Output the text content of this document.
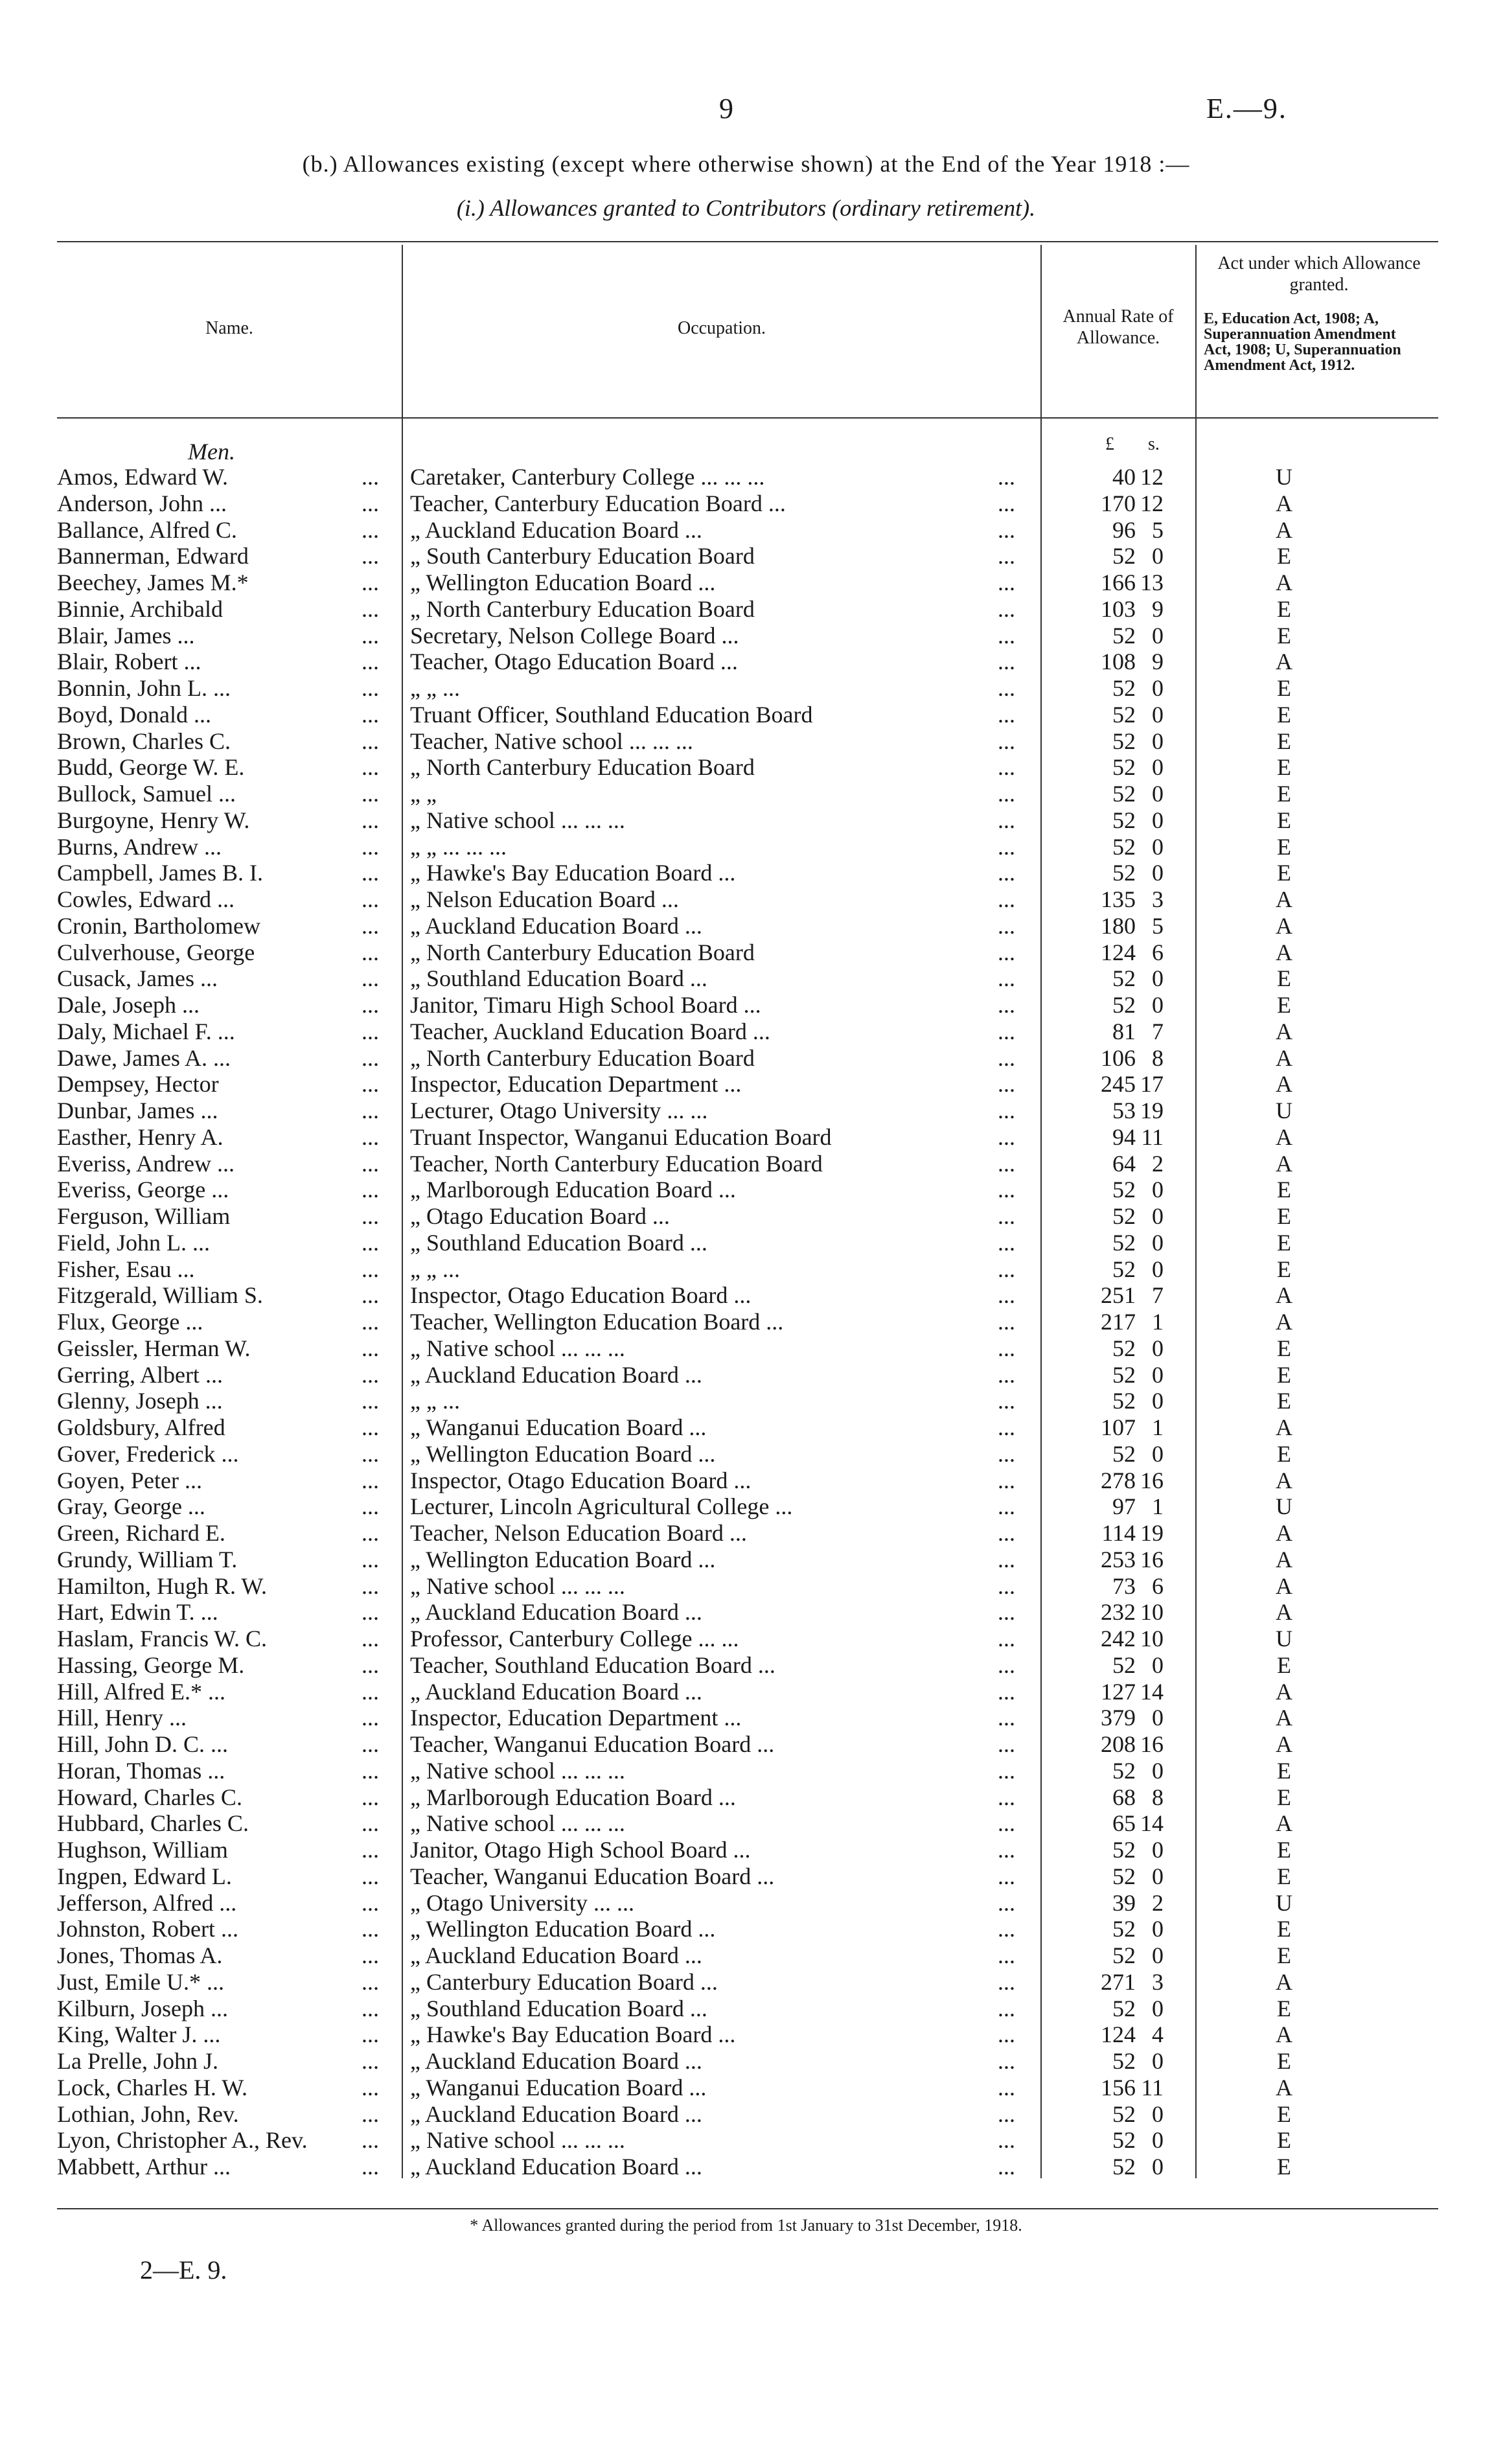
9	E.—9.
(b.) Allowances existing (except where otherwise shown) at the End of the Year 1918 :—
(i.) Allowances granted to Contributors (ordinary retirement).
Name.	Occupation.
Annual Rate of Allowance.
Act under which Allowance granted.
E, Education Act, 1908; A, Superannuation Amendment Act, 1908; U, Superannuation Amendment Act, 1912.
Men.	£ s.
Amos, Edward W.	... Caretaker, Canterbury College ... ... ...	...	40 12	U
Anderson, John ...	... Teacher, Canterbury Education Board ...	...	170 12	A
Ballance, Alfred C.	... „ Auckland Education Board ...	...	96 5	A
Bannerman, Edward	... „ South Canterbury Education Board	...	52 0	E
Beechey, James M.*	... „ Wellington Education Board ...	...	166 13	A
Binnie, Archibald	... „ North Canterbury Education Board	...	103 9	E
Blair, James ...	... Secretary, Nelson College Board ...	...	52 0	E
Blair, Robert ...	... Teacher, Otago Education Board ...	...	108 9	A
Bonnin, John L. ...	... „ „ ...	...	52 0	E
Boyd, Donald ...	... Truant Officer, Southland Education Board	...	52 0	E
Brown, Charles C.	... Teacher, Native school ... ... ...	...	52 0	E
Budd, George W. E.	... „ North Canterbury Education Board	...	52 0	E
Bullock, Samuel ...	... „ „	...	52 0	E
Burgoyne, Henry W.	... „ Native school ... ... ...	...	52 0	E
Burns, Andrew ...	... „ „ ... ... ...	...	52 0	E
Campbell, James B. I.	... „ Hawke's Bay Education Board ...	...	52 0	E
Cowles, Edward ...	... „ Nelson Education Board ...	...	135 3	A
Cronin, Bartholomew	... „ Auckland Education Board ...	...	180 5	A
Culverhouse, George	... „ North Canterbury Education Board	...	124 6	A
Cusack, James ...	... „ Southland Education Board ...	...	52 0	E
Dale, Joseph ...	... Janitor, Timaru High School Board ...	...	52 0	E
Daly, Michael F. ...	... Teacher, Auckland Education Board ...	...	81 7	A
Dawe, James A. ...	... „ North Canterbury Education Board	...	106 8	A
Dempsey, Hector	... Inspector, Education Department ...	...	245 17	A
Dunbar, James ...	... Lecturer, Otago University ... ...	...	53 19	U
Easther, Henry A.	... Truant Inspector, Wanganui Education Board	...	94 11	A
Everiss, Andrew ...	... Teacher, North Canterbury Education Board	...	64 2	A
Everiss, George ...	... „ Marlborough Education Board ...	...	52 0	E
Ferguson, William	... „ Otago Education Board ...	...	52 0	E
Field, John L. ...	... „ Southland Education Board ...	...	52 0	E
Fisher, Esau ...	... „ „ ...	...	52 0	E
Fitzgerald, William S.	... Inspector, Otago Education Board ...	...	251 7	A
Flux, George ...	... Teacher, Wellington Education Board ...	...	217 1	A
Geissler, Herman W.	... „ Native school ... ... ...	...	52 0	E
Gerring, Albert ...	... „ Auckland Education Board ...	...	52 0	E
Glenny, Joseph ...	... „ „ ...	...	52 0	E
Goldsbury, Alfred	... „ Wanganui Education Board ...	...	107 1	A
Gover, Frederick ...	... „ Wellington Education Board ...	...	52 0	E
Goyen, Peter ...	... Inspector, Otago Education Board ...	...	278 16	A
Gray, George ...	... Lecturer, Lincoln Agricultural College ...	...	97 1	U
Green, Richard E.	... Teacher, Nelson Education Board ...	...	114 19	A
Grundy, William T.	... „ Wellington Education Board ...	...	253 16	A
Hamilton, Hugh R. W.	... „ Native school ... ... ...	...	73 6	A
Hart, Edwin T. ...	... „ Auckland Education Board ...	...	232 10	A
Haslam, Francis W. C.	... Professor, Canterbury College ... ...	...	242 10	U
Hassing, George M.	... Teacher, Southland Education Board ...	...	52 0	E
Hill, Alfred E.* ...	... „ Auckland Education Board ...	...	127 14	A
Hill, Henry ...	... Inspector, Education Department ...	...	379 0	A
Hill, John D. C. ...	... Teacher, Wanganui Education Board ...	...	208 16	A
Horan, Thomas ...	... „ Native school ... ... ...	...	52 0	E
Howard, Charles C.	... „ Marlborough Education Board ...	...	68 8	E
Hubbard, Charles C.	... „ Native school ... ... ...	...	65 14	A
Hughson, William	... Janitor, Otago High School Board ...	...	52 0	E
Ingpen, Edward L.	... Teacher, Wanganui Education Board ...	...	52 0	E
Jefferson, Alfred ...	... „ Otago University ... ...	...	39 2	U
Johnston, Robert ...	... „ Wellington Education Board ...	...	52 0	E
Jones, Thomas A.	... „ Auckland Education Board ...	...	52 0	E
Just, Emile U.* ...	... „ Canterbury Education Board ...	...	271 3	A
Kilburn, Joseph ...	... „ Southland Education Board ...	...	52 0	E
King, Walter J. ...	... „ Hawke's Bay Education Board ...	...	124 4	A
La Prelle, John J.	... „ Auckland Education Board ...	...	52 0	E
Lock, Charles H. W.	... „ Wanganui Education Board ...	...	156 11	A
Lothian, John, Rev.	... „ Auckland Education Board ...	...	52 0	E
Lyon, Christopher A., Rev. ... „ Native school ... ... ...	...	52 0	E
Mabbett, Arthur ...	... „ Auckland Education Board ...	...	52 0	E
* Allowances granted during the period from 1st January to 31st December, 1918.
2—E. 9.
